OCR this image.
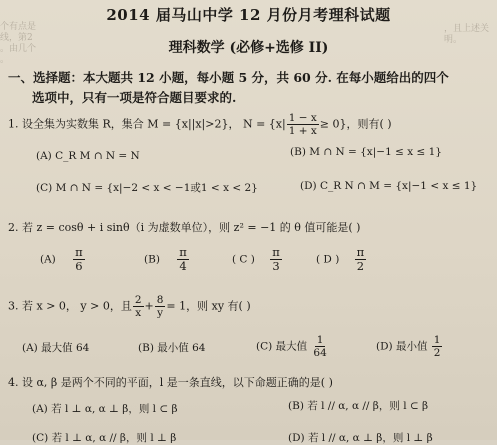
个有点是
线，第2
。由几个
。
，且上述关
明。
2014 届马山中学 12 月份月考理科试题
理科数学 (必修+选修 II)
一、选择题：本大题共 12 小题，每小题 5 分，共 60 分. 在每小题给出的四个
选项中，只有一项是符合题目要求的.
1. 设全集为实数集 R，集合 M = {x||x|>2}， $N = \{x| \frac{1 - x}{1 + x} \ge 0\}$，则有( )
(A) C_R M ∩ N = N	(B) M ∩ N = {x|−1 ≤ x ≤ 1}
(C) M ∩ N = {x|−2 < x < −1或1 < x < 2}	(D) C_R N ∩ M = {x|−1 < x ≤ 1}
2. 若 z = cosθ + i sinθ（i 为虚数单位），则 z² = −1 的 θ 值可能是( )
$(A) \frac{\pi}{6}$	$(B) \frac{\pi}{4}$	( C ) $\frac{\pi}{3}$	( D ) $\frac{\pi}{2}$
3. 若 x > 0， y > 0，且 $\frac{2}{x} + \frac{8}{y} = 1$，则 xy 有( )
(A) 最大值 64	(B) 最小值 64	(C) 最大值 $\frac{1}{64}$	(D) 最小值 $\frac{1}{2}$
4. 设 α, β 是两个不同的平面，l 是一条直线，以下命题正确的是( )
(A) 若 l ⊥ α, α ⊥ β，则 l ⊂ β	(B) 若 l // α, α // β，则 l ⊂ β
(C) 若 l ⊥ α, α // β，则 l ⊥ β	(D) 若 l // α, α ⊥ β，则 l ⊥ β
